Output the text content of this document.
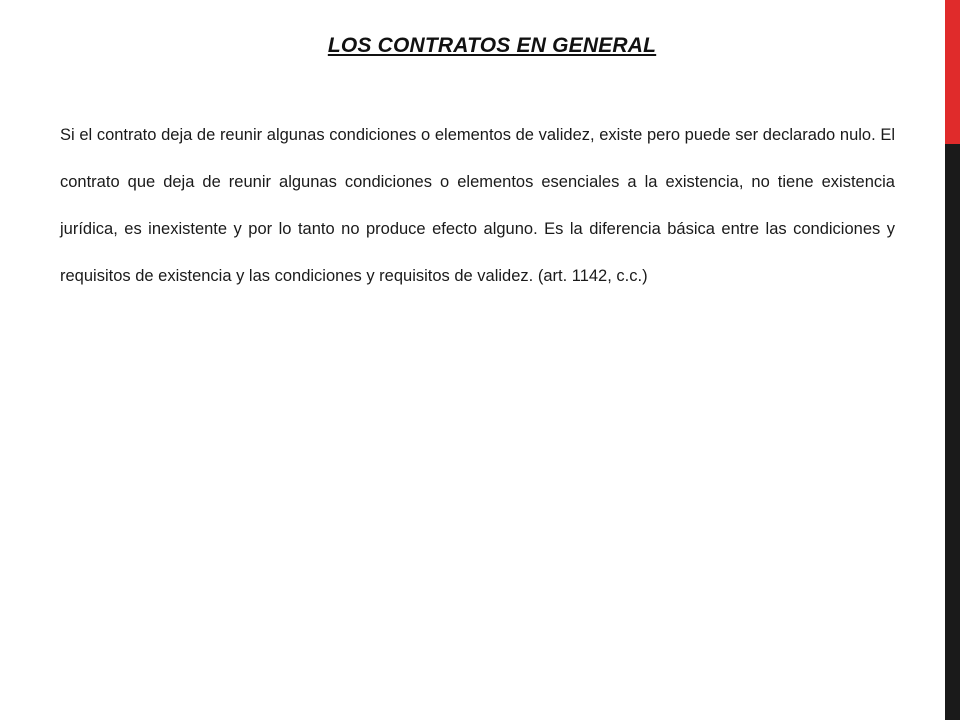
LOS CONTRATOS EN GENERAL

Si el contrato deja de reunir algunas condiciones o elementos de validez, existe pero puede ser declarado nulo. El contrato que deja de reunir algunas condiciones o elementos esenciales a la existencia, no tiene existencia jurídica, es inexistente y por lo tanto no produce efecto alguno. Es la diferencia básica entre las condiciones y requisitos de existencia y las condiciones y requisitos de validez. (art. 1142, c.c.)
